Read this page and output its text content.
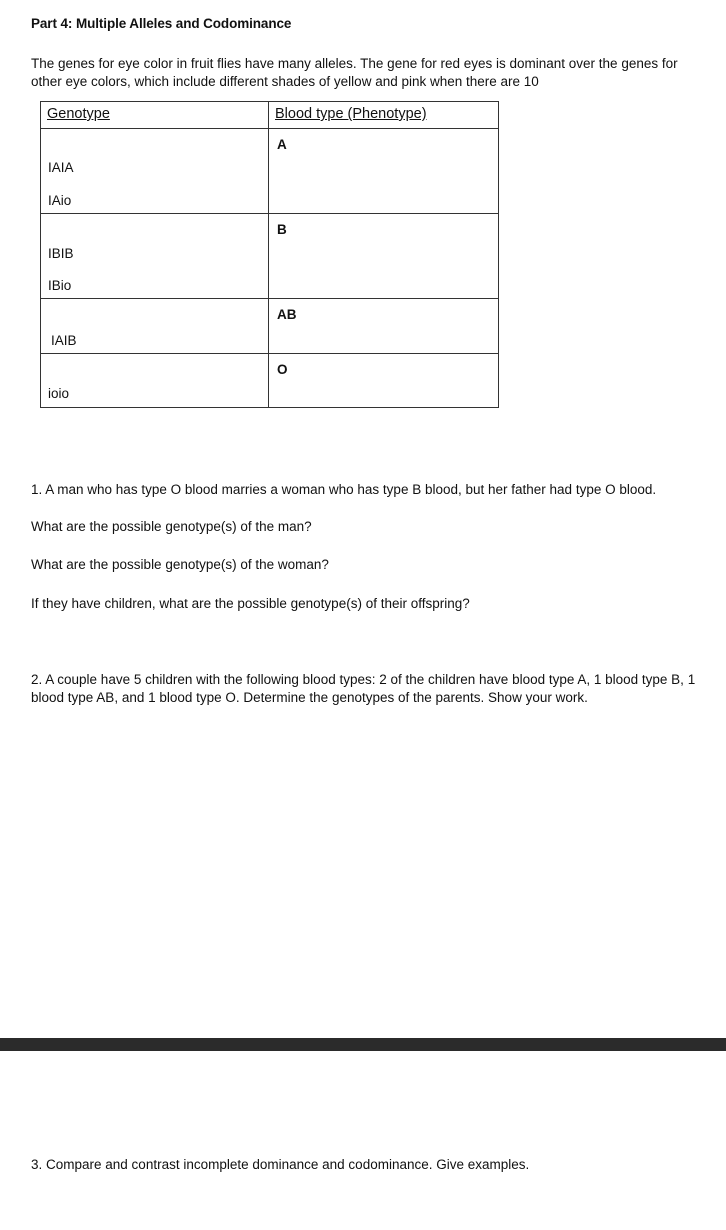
Part 4: Multiple Alleles and Codominance
The genes for eye color in fruit flies have many alleles. The gene for red eyes is dominant over the genes for other eye colors, which include different shades of yellow and pink when there are 10
Genotype	Blood type (Phenotype)

IAIA
IAio	A

IBIB
IBio	B

IAIB	AB

ioio	O
1. A man who has type O blood marries a woman who has type B blood, but her father had type O blood.
What are the possible genotype(s) of the man?
What are the possible genotype(s) of the woman?
If they have children, what are the possible genotype(s) of their offspring?
2. A couple have 5 children with the following blood types: 2 of the children have blood type A, 1 blood type B, 1 blood type AB, and 1 blood type O. Determine the genotypes of the parents. Show your work.
3. Compare and contrast incomplete dominance and codominance. Give examples.
